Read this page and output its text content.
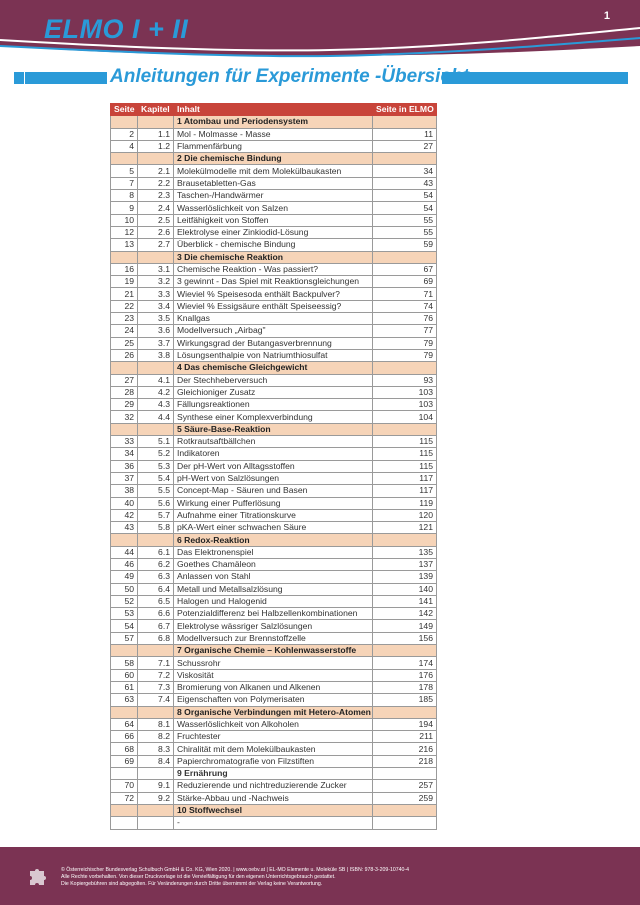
ELMO I + II	1
Anleitungen für Experimente -Übersicht
Seite	Kapitel	Inhalt	Seite in ELMO
		1 Atombau und Periodensystem	
2	1.1	Mol - Molmasse - Masse	11
4	1.2	Flammenfärbung	27
		2 Die chemische Bindung	
5	2.1	Molekülmodelle mit dem Molekülbaukasten	34
7	2.2	Brausetabletten-Gas	43
8	2.3	Taschen-/Handwärmer	54
9	2.4	Wasserlöslichkeit von Salzen	54
10	2.5	Leitfähigkeit von Stoffen	55
12	2.6	Elektrolyse einer Zinkiodid-Lösung	55
13	2.7	Überblick - chemische Bindung	59
		3 Die chemische Reaktion	
16	3.1	Chemische Reaktion - Was passiert?	67
19	3.2	3 gewinnt - Das Spiel mit Reaktionsgleichungen	69
21	3.3	Wieviel % Speisesoda enthält Backpulver?	71
22	3.4	Wieviel % Essigsäure enthält Speiseessig?	74
23	3.5	Knallgas	76
24	3.6	Modellversuch „Airbag"	77
25	3.7	Wirkungsgrad der Butangasverbrennung	79
26	3.8	Lösungsenthalpie von Natriumthiosulfat	79
		4 Das chemische Gleichgewicht	
27	4.1	Der Stechheberversuch	93
28	4.2	Gleichioniger Zusatz	103
29	4.3	Fällungsreaktionen	103
32	4.4	Synthese einer Komplexverbindung	104
		5 Säure-Base-Reaktion	
33	5.1	Rotkrautsaftbällchen	115
34	5.2	Indikatoren	115
36	5.3	Der pH-Wert von Alltagsstoffen	115
37	5.4	pH-Wert von Salzlösungen	117
38	5.5	Concept-Map - Säuren und Basen	117
40	5.6	Wirkung einer Pufferlösung	119
42	5.7	Aufnahme einer Titrationskurve	120
43	5.8	pKA-Wert einer schwachen Säure	121
		6 Redox-Reaktion	
44	6.1	Das Elektronenspiel	135
46	6.2	Goethes Chamäleon	137
49	6.3	Anlassen von Stahl	139
50	6.4	Metall und Metallsalzlösung	140
52	6.5	Halogen und Halogenid	141
53	6.6	Potenzialdifferenz bei Halbzellenkombinationen	142
54	6.7	Elektrolyse wässriger Salzlösungen	149
57	6.8	Modellversuch zur Brennstoffzelle	156
		7 Organische Chemie – Kohlenwasserstoffe	
58	7.1	Schussrohr	174
60	7.2	Viskosität	176
61	7.3	Bromierung von Alkanen und Alkenen	178
63	7.4	Eigenschaften von Polymerisaten	185
		8 Organische Verbindungen mit Hetero-Atomen	
64	8.1	Wasserlöslichkeit von Alkoholen	194
66	8.2	Fruchtester	211
68	8.3	Chiralität mit dem Molekülbaukasten	216
69	8.4	Papierchromatografie von Filzstiften	218
		9 Ernährung	
70	9.1	Reduzierende und nichtreduzierende Zucker	257
72	9.2	Stärke-Abbau und -Nachweis	259
		10 Stoffwechsel	
		-	
© Österreichischer Bundesverlag Schulbuch GmbH & Co. KG, Wien 2020. | www.oebv.at | EL-MO Elemente u. Moleküle SB | ISBN: 978-3-209-10740-4
Alle Rechte vorbehalten. Von dieser Druckvorlage ist die Vervielfältigung für den eigenen Unterrichtsgebrauch gestattet.
Die Kopiergebühren sind abgegolten. Für Veränderungen durch Dritte übernimmt der Verlag keine Verantwortung.
